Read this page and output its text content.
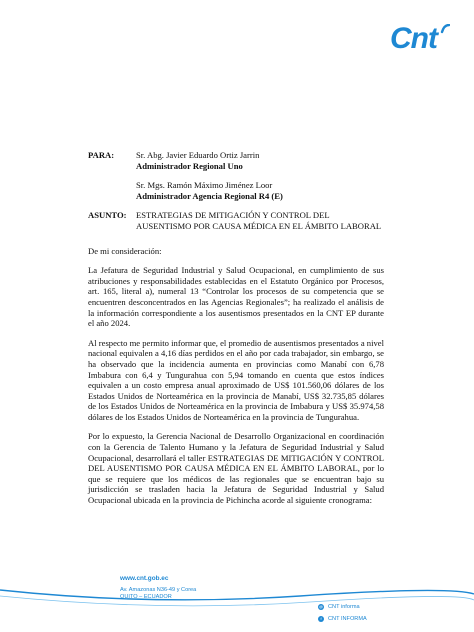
Cnt
PARA:	Sr. Abg. Javier Eduardo Ortiz Jarrin
Administrador Regional Uno
Sr. Mgs. Ramón Máximo Jiménez Loor
Administrador Agencia Regional R4 (E)
ASUNTO:	ESTRATEGIAS DE MITIGACIÓN Y CONTROL DEL AUSENTISMO POR CAUSA MÉDICA EN EL ÁMBITO LABORAL

De mi consideración:

La Jefatura de Seguridad Industrial y Salud Ocupacional, en cumplimiento de sus atribuciones y responsabilidades establecidas en el Estatuto Orgánico por Procesos, art. 165, literal a), numeral 13 “Controlar los procesos de su competencia que se encuentren desconcentrados en las Agencias Regionales”; ha realizado el análisis de la información correspondiente a los ausentismos presentados en la CNT EP durante el año 2024.

Al respecto me permito informar que, el promedio de ausentismos presentados a nivel nacional equivalen a 4,16 días perdidos en el año por cada trabajador, sin embargo, se ha observado que la incidencia aumenta en provincias como Manabí con 6,78 Imbabura con 6,4 y Tungurahua con 5,94 tomando en cuenta que estos índices equivalen a un costo empresa anual aproximado de US$ 101.560,06 dólares de los Estados Unidos de Norteamérica en la provincia de Manabí, US$ 32.735,85 dólares de los Estados Unidos de Norteamérica en la provincia de Imbabura y US$ 35.974,58 dólares de los Estados Unidos de Norteamérica en la provincia de Tungurahua.

Por lo expuesto, la Gerencia Nacional de Desarrollo Organizacional en coordinación con la Gerencia de Talento Humano y la Jefatura de Seguridad Industrial y Salud Ocupacional, desarrollará el taller ESTRATEGIAS DE MITIGACIÓN Y CONTROL DEL AUSENTISMO POR CAUSA MÉDICA EN EL ÁMBITO LABORAL, por lo que se requiere que los médicos de las regionales que se encuentran bajo su jurisdicción se trasladen hacia la Jefatura de Seguridad Industrial y Salud Ocupacional ubicada en la provincia de Pichincha acorde al siguiente cronograma:

www.cnt.gob.ec
Av. Amazonas N36-49 y Corea
QUITO – ECUADOR
@ CNT informa
f	CNT INFORMA
